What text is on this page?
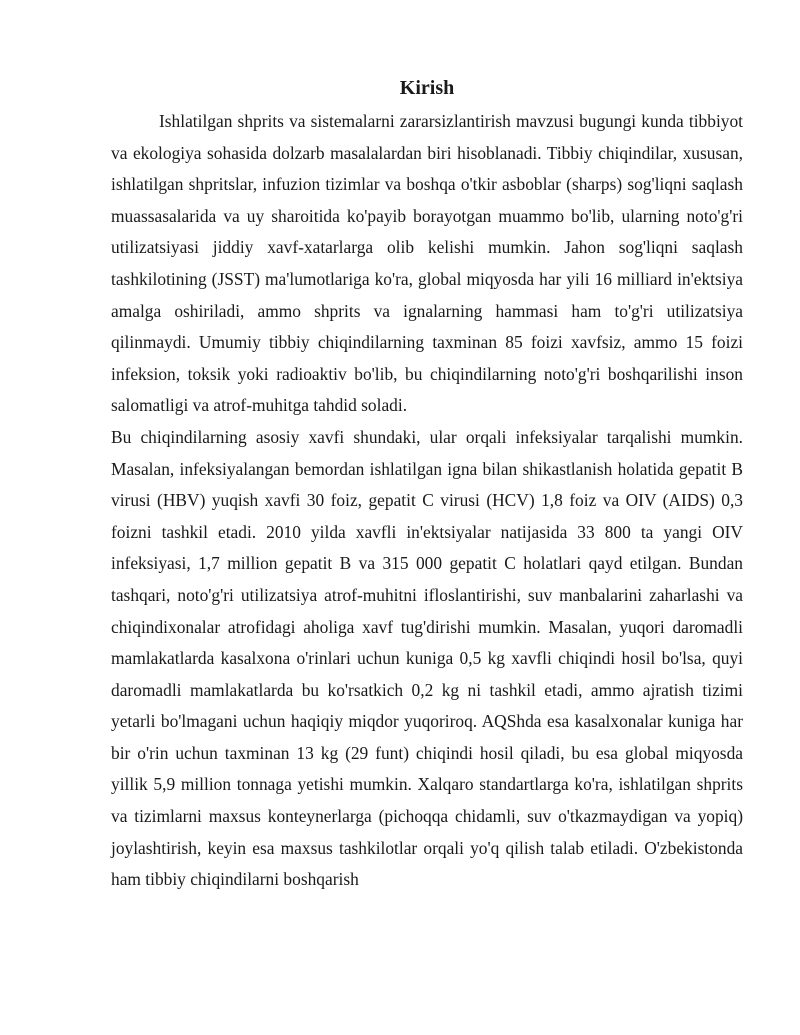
Kirish

Ishlatilgan shprits va sistemalarni zararsizlantirish mavzusi bugungi kunda tibbiyot va ekologiya sohasida dolzarb masalalardan biri hisoblanadi. Tibbiy chiqindilar, xususan, ishlatilgan shpritslar, infuzion tizimlar va boshqa o'tkir asboblar (sharps) sog'liqni saqlash muassasalarida va uy sharoitida ko'payib borayotgan muammo bo'lib, ularning noto'g'ri utilizatsiyasi jiddiy xavf-xatarlarga olib kelishi mumkin. Jahon sog'liqni saqlash tashkilotining (JSST) ma'lumotlariga ko'ra, global miqyosda har yili 16 milliard in'ektsiya amalga oshiriladi, ammo shprits va ignalarning hammasi ham to'g'ri utilizatsiya qilinmaydi. Umumiy tibbiy chiqindilarning taxminan 85 foizi xavfsiz, ammo 15 foizi infeksion, toksik yoki radioaktiv bo'lib, bu chiqindilarning noto'g'ri boshqarilishi inson salomatligi va atrof-muhitga tahdid soladi.

Bu chiqindilarning asosiy xavfi shundaki, ular orqali infeksiyalar tarqalishi mumkin. Masalan, infeksiyalangan bemordan ishlatilgan igna bilan shikastlanish holatida gepatit B virusi (HBV) yuqish xavfi 30 foiz, gepatit C virusi (HCV) 1,8 foiz va OIV (AIDS) 0,3 foizni tashkil etadi. 2010 yilda xavfli in'ektsiyalar natijasida 33 800 ta yangi OIV infeksiyasi, 1,7 million gepatit B va 315 000 gepatit C holatlari qayd etilgan. Bundan tashqari, noto'g'ri utilizatsiya atrof-muhitni ifloslantirishi, suv manbalarini zaharlashi va chiqindixonalar atrofidagi aholiga xavf tug'dirishi mumkin. Masalan, yuqori daromadli mamlakatlarda kasalxona o'rinlari uchun kuniga 0,5 kg xavfli chiqindi hosil bo'lsa, quyi daromadli mamlakatlarda bu ko'rsatkich 0,2 kg ni tashkil etadi, ammo ajratish tizimi yetarli bo'lmagani uchun haqiqiy miqdor yuqoriroq. AQShda esa kasalxonalar kuniga har bir o'rin uchun taxminan 13 kg (29 funt) chiqindi hosil qiladi, bu esa global miqyosda yillik 5,9 million tonnaga yetishi mumkin. Xalqaro standartlarga ko'ra, ishlatilgan shprits va tizimlarni maxsus konteynerlarga (pichoqqa chidamli, suv o'tkazmaydigan va yopiq) joylashtirish, keyin esa maxsus tashkilotlar orqali yo'q qilish talab etiladi. O'zbekistonda ham tibbiy chiqindilarni boshqarish
